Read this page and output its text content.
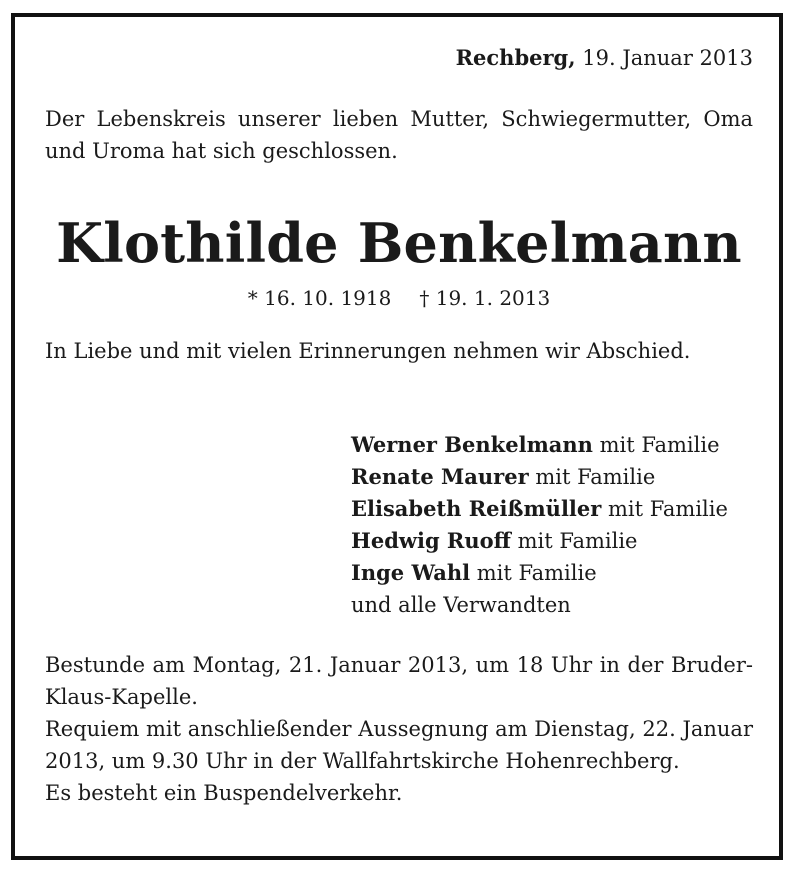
Rechberg, 19. Januar 2013
Der Lebenskreis unserer lieben Mutter, Schwiegermutter, Oma und Uroma hat sich geschlossen.
Klothilde Benkelmann
* 16. 10. 1918 † 19. 1. 2013
In Liebe und mit vielen Erinnerungen nehmen wir Abschied.
Werner Benkelmann mit Familie
Renate Maurer mit Familie
Elisabeth Reißmüller mit Familie
Hedwig Ruoff mit Familie
Inge Wahl mit Familie
und alle Verwandten
Bestunde am Montag, 21. Januar 2013, um 18 Uhr in der Bruder-Klaus-Kapelle.
Requiem mit anschließender Aussegnung am Dienstag, 22. Januar 2013, um 9.30 Uhr in der Wallfahrtskirche Hohenrechberg.
Es besteht ein Buspendelverkehr.
